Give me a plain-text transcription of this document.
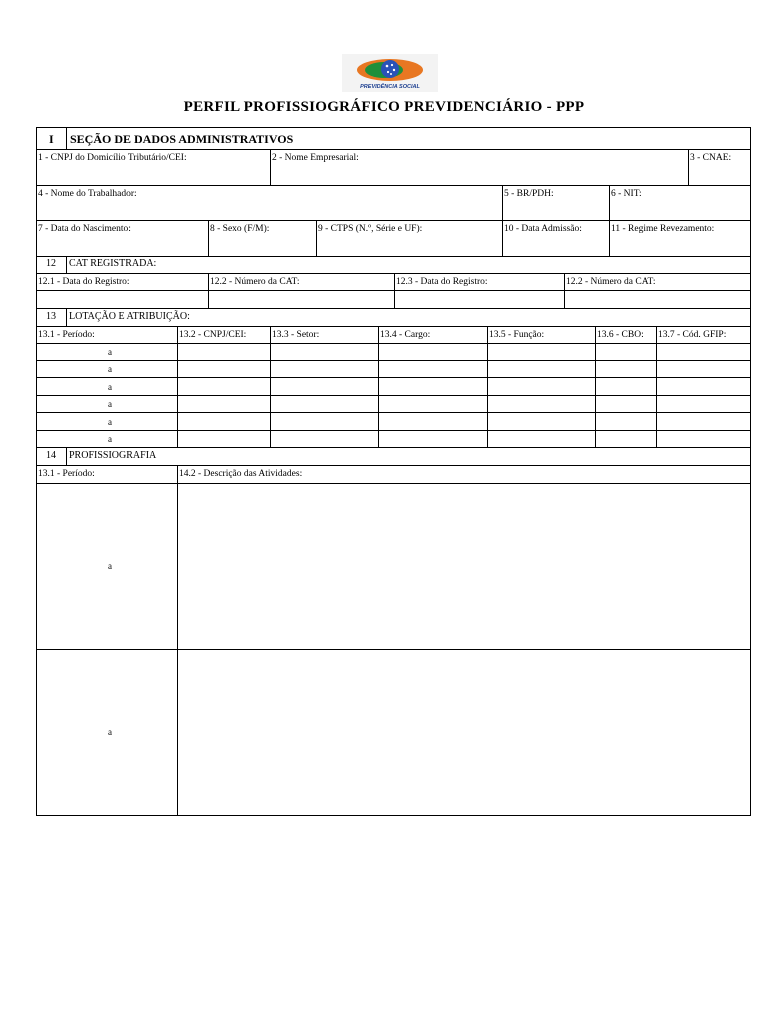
PREVIDÊNCIA SOCIAL
PERFIL PROFISSIOGRÁFICO PREVIDENCIÁRIO - PPP
I SEÇÃO DE DADOS ADMINISTRATIVOS
1 - CNPJ do Domicílio Tributário/CEI:	2 - Nome Empresarial:	3 - CNAE:
4 - Nome do Trabalhador:	5 - BR/PDH:	6 - NIT:
7 - Data do Nascimento:	8 - Sexo (F/M):	9 - CTPS (N.º, Série e UF):	10 - Data Admissão:	11 - Regime Revezamento:
12 CAT REGISTRADA:
12.1 - Data do Registro:	12.2 - Número da CAT:	12.3 - Data do Registro:	12.2 - Número da CAT:
13 LOTAÇÃO E ATRIBUIÇÃO:
13.1 - Período:	13.2 - CNPJ/CEI:	13.3 - Setor:	13.4 - Cargo:	13.5 - Função:	13.6 - CBO: 13.7 - Cód. GFIP:
a
a
a
a
a
a
14 PROFISSIOGRAFIA
13.1 - Período:	14.2 - Descrição das Atividades:
a
a
